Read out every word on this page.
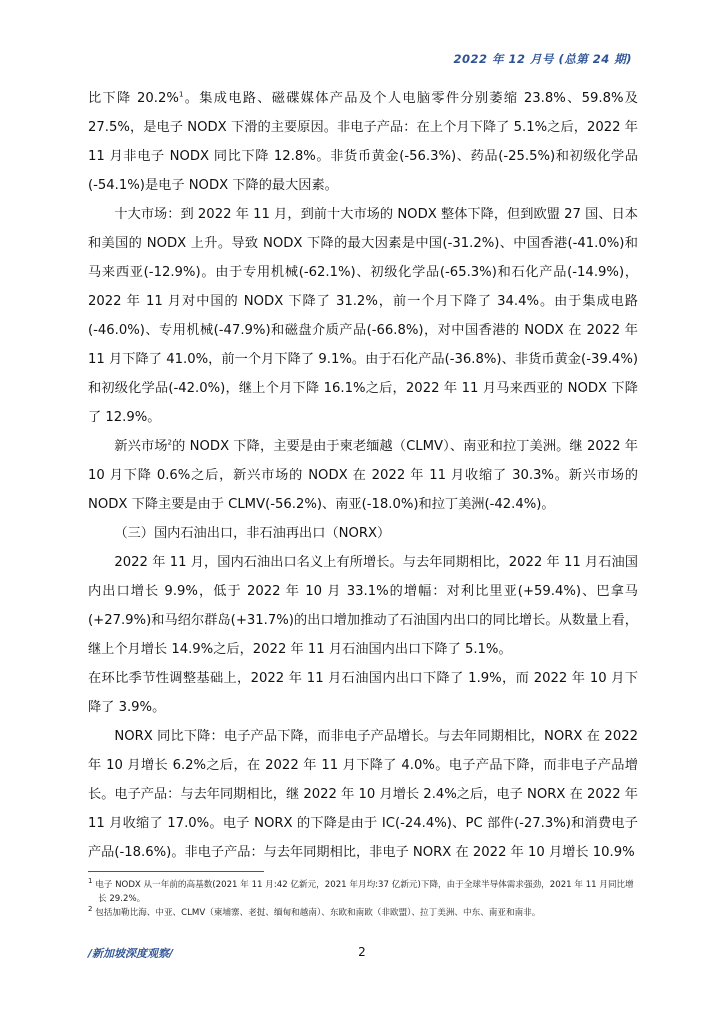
2022 年 12 月号 (总第 24 期)

比下降 20.2%$^1$。集成电路、磁碟媒体产品及个人电脑零件分别萎缩 23.8%、59.8%及 27.5%，是电子 NODX 下滑的主要原因。非电子产品：在上个月下降了 5.1%之后，2022 年 11 月非电子 NODX 同比下降 12.8%。非货币黄金(-56.3%)、药品(-25.5%)和初级化学品(-54.1%)是电子 NODX 下降的最大因素。

十大市场：到 2022 年 11 月，到前十大市场的 NODX 整体下降，但到欧盟 27 国、日本和美国的 NODX 上升。导致 NODX 下降的最大因素是中国(-31.2%)、中国香港(-41.0%)和马来西亚(-12.9%)。由于专用机械(-62.1%)、初级化学品(-65.3%)和石化产品(-14.9%)，2022 年 11 月对中国的 NODX 下降了 31.2%，前一个月下降了 34.4%。由于集成电路(-46.0%)、专用机械(-47.9%)和磁盘介质产品(-66.8%)，对中国香港的 NODX 在 2022 年 11 月下降了 41.0%，前一个月下降了 9.1%。由于石化产品(-36.8%)、非货币黄金(-39.4%)和初级化学品(-42.0%)，继上个月下降 16.1%之后，2022 年 11 月马来西亚的 NODX 下降了 12.9%。

新兴市场$^2$的 NODX 下降，主要是由于柬老缅越（CLMV）、南亚和拉丁美洲。继 2022 年 10 月下降 0.6%之后，新兴市场的 NODX 在 2022 年 11 月收缩了 30.3%。新兴市场的 NODX 下降主要是由于 CLMV(-56.2%)、南亚(-18.0%)和拉丁美洲(-42.4%)。

（三）国内石油出口，非石油再出口（NORX）

2022 年 11 月，国内石油出口名义上有所增长。与去年同期相比，2022 年 11 月石油国内出口增长 9.9%，低于 2022 年 10 月 33.1%的增幅：对利比里亚(+59.4%)、巴拿马(+27.9%)和马绍尔群岛(+31.7%)的出口增加推动了石油国内出口的同比增长。从数量上看，继上个月增长 14.9%之后，2022 年 11 月石油国内出口下降了 5.1%。

在环比季节性调整基础上，2022 年 11 月石油国内出口下降了 1.9%，而 2022 年 10 月下降了 3.9%。

NORX 同比下降：电子产品下降，而非电子产品增长。与去年同期相比，NORX 在 2022 年 10 月增长 6.2%之后，在 2022 年 11 月下降了 4.0%。电子产品下降，而非电子产品增长。电子产品：与去年同期相比，继 2022 年 10 月增长 2.4%之后，电子 NORX 在 2022 年 11 月收缩了 17.0%。电子 NORX 的下降是由于 IC(-24.4%)、PC 部件(-27.3%)和消费电子产品(-18.6%)。非电子产品：与去年同期相比，非电子 NORX 在 2022 年 10 月增长 10.9%

$^1$ 电子 NODX 从一年前的高基数(2021 年 11 月:42 亿新元，2021 年月均:37 亿新元)下降，由于全球半导体需求强劲，2021 年 11 月同比增长 29.2%。

$^2$ 包括加勒比海、中亚、CLMV（柬埔寨、老挝、缅甸和越南）、东欧和南欧（非欧盟）、拉丁美洲、中东、南亚和南非。

/新加坡深度观察/	2
